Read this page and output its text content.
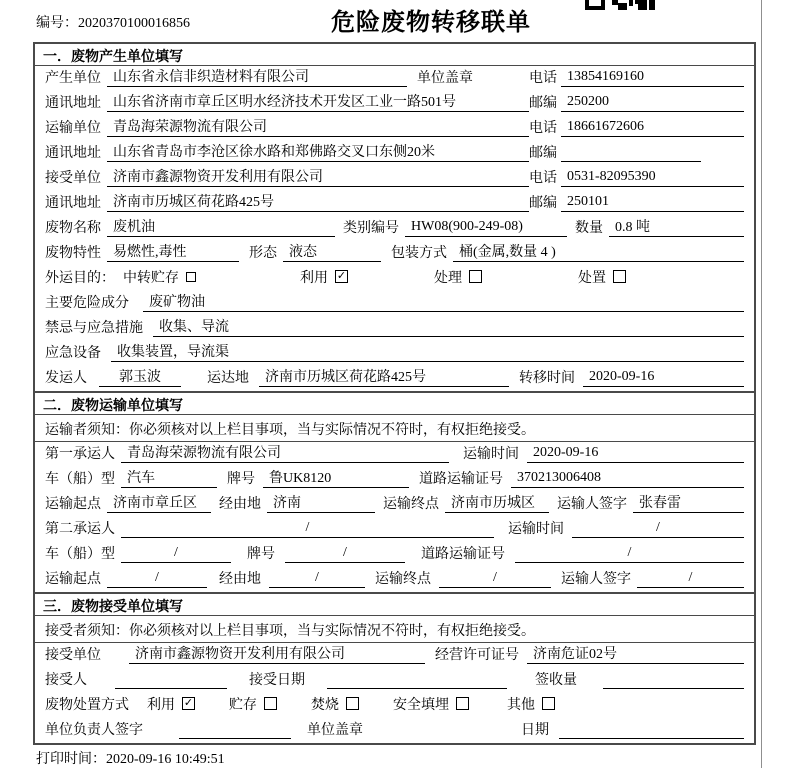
编号：2020370100016856	危险废物转移联单
一．废物产生单位填写
产生单位 山东省永信非织造材料有限公司	单位盖章	电话 13854169160
通讯地址 山东省济南市章丘区明水经济技术开发区工业一路501号	邮编 250200
运输单位 青岛海荣源物流有限公司	电话 18661672606
通讯地址 山东省青岛市李沧区徐水路和郑佛路交叉口东侧20米	邮编
接受单位 济南市鑫源物资开发利用有限公司	电话 0531-82095390
通讯地址 济南市历城区荷花路425号	邮编 250101
废物名称 废机油	类别编号 HW08(900-249-08)	数量 0.8 吨
废物特性 易燃性,毒性	形态 液态	包装方式 桶(金属,数量 4 )
外运目的： 中转贮存	利用 ✓	处理	处置
主要危险成分	废矿物油
禁忌与应急措施	收集、导流
应急设备	收集装置，导流渠
发运人	郭玉波	运达地	济南市历城区荷花路425号	转移时间	2020-09-16
二．废物运输单位填写
运输者须知：你必须核对以上栏目事项，当与实际情况不符时，有权拒绝接受。
第一承运人 青岛海荣源物流有限公司	运输时间	2020-09-16
车（船）型 汽车	牌号	鲁UK8120	道路运输证号	370213006408
运输起点 济南市章丘区	经由地 济南	运输终点 济南市历城区	运输人签字 张春雷
第二承运人	/	运输时间	/
车（船）型	/	牌号	/	道路运输证号	/
运输起点	/	经由地	/	运输终点	/	运输人签字	/
三．废物接受单位填写
接受者须知：你必须核对以上栏目事项，当与实际情况不符时，有权拒绝接受。
接受单位	济南市鑫源物资开发利用有限公司	经营许可证号	济南危证02号
接受人	接受日期	签收量
废物处置方式 利用 ✓	贮存	焚烧	安全填埋	其他
单位负责人签字	单位盖章	日期
打印时间：2020-09-16 10:49:51
